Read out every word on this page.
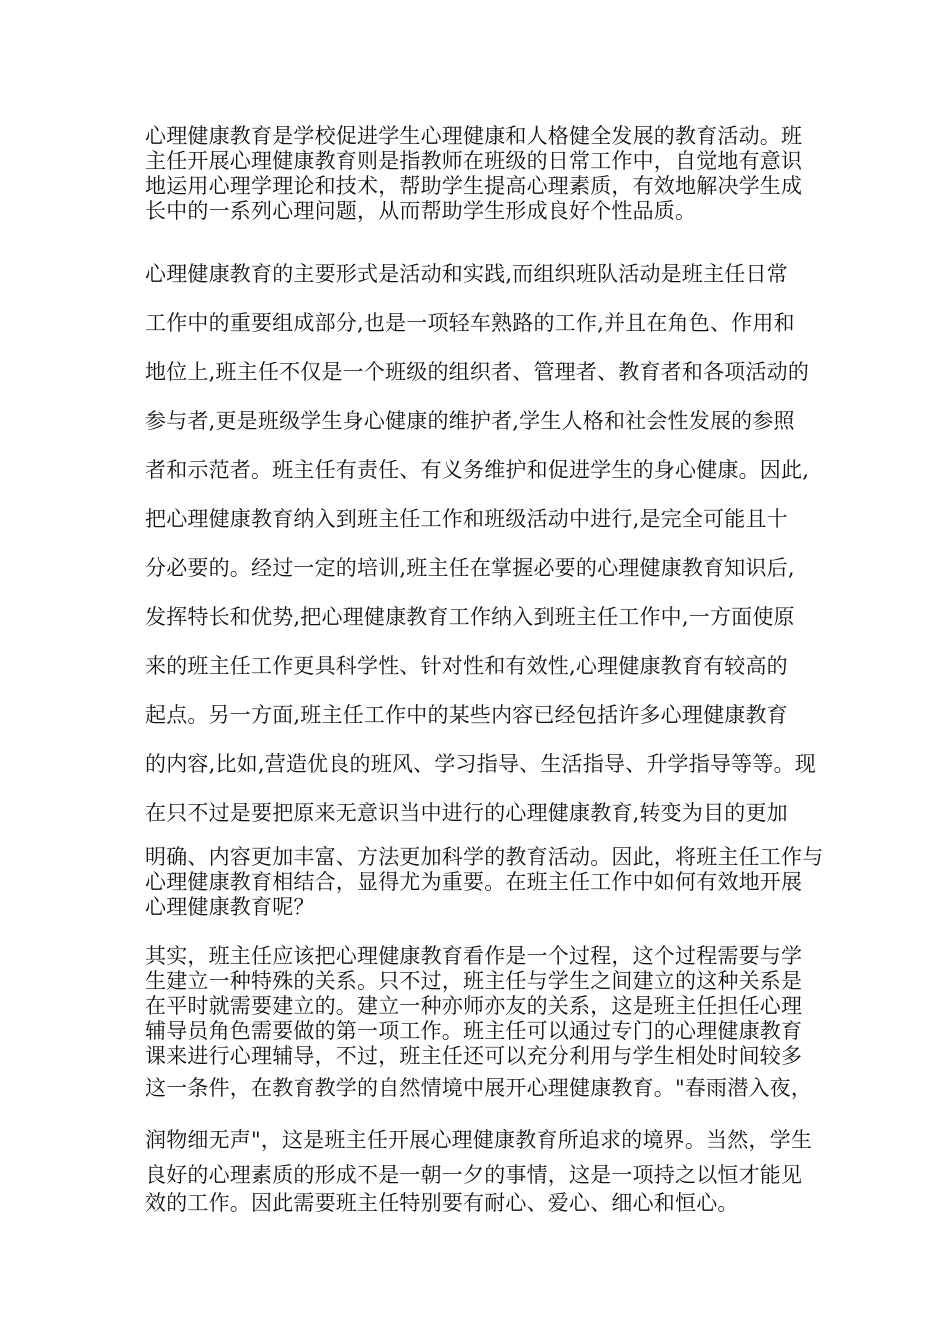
心理健康教育是学校促进学生心理健康和人格健全发展的教育活动。班
主任开展心理健康教育则是指教师在班级的日常工作中，自觉地有意识
地运用心理学理论和技术，帮助学生提高心理素质，有效地解决学生成
长中的一系列心理问题，从而帮助学生形成良好个性品质。
心理健康教育的主要形式是活动和实践,而组织班队活动是班主任日常
工作中的重要组成部分,也是一项轻车熟路的工作,并且在角色、作用和
地位上,班主任不仅是一个班级的组织者、管理者、教育者和各项活动的
参与者,更是班级学生身心健康的维护者,学生人格和社会性发展的参照
者和示范者。班主任有责任、有义务维护和促进学生的身心健康。因此,
把心理健康教育纳入到班主任工作和班级活动中进行,是完全可能且十
分必要的。经过一定的培训,班主任在掌握必要的心理健康教育知识后,
发挥特长和优势,把心理健康教育工作纳入到班主任工作中,一方面使原
来的班主任工作更具科学性、针对性和有效性,心理健康教育有较高的
起点。另一方面,班主任工作中的某些内容已经包括许多心理健康教育
的内容,比如,营造优良的班风、学习指导、生活指导、升学指导等等。现
在只不过是要把原来无意识当中进行的心理健康教育,转变为目的更加
明确、内容更加丰富、方法更加科学的教育活动。因此，将班主任工作与
心理健康教育相结合，显得尤为重要。在班主任工作中如何有效地开展
心理健康教育呢？
其实，班主任应该把心理健康教育看作是一个过程，这个过程需要与学
生建立一种特殊的关系。只不过，班主任与学生之间建立的这种关系是
在平时就需要建立的。建立一种亦师亦友的关系，这是班主任担任心理
辅导员角色需要做的第一项工作。班主任可以通过专门的心理健康教育
课来进行心理辅导，不过，班主任还可以充分利用与学生相处时间较多
这一条件，在教育教学的自然情境中展开心理健康教育。"春雨潜入夜，
润物细无声"，这是班主任开展心理健康教育所追求的境界。当然，学生
良好的心理素质的形成不是一朝一夕的事情，这是一项持之以恒才能见
效的工作。因此需要班主任特别要有耐心、爱心、细心和恒心。
